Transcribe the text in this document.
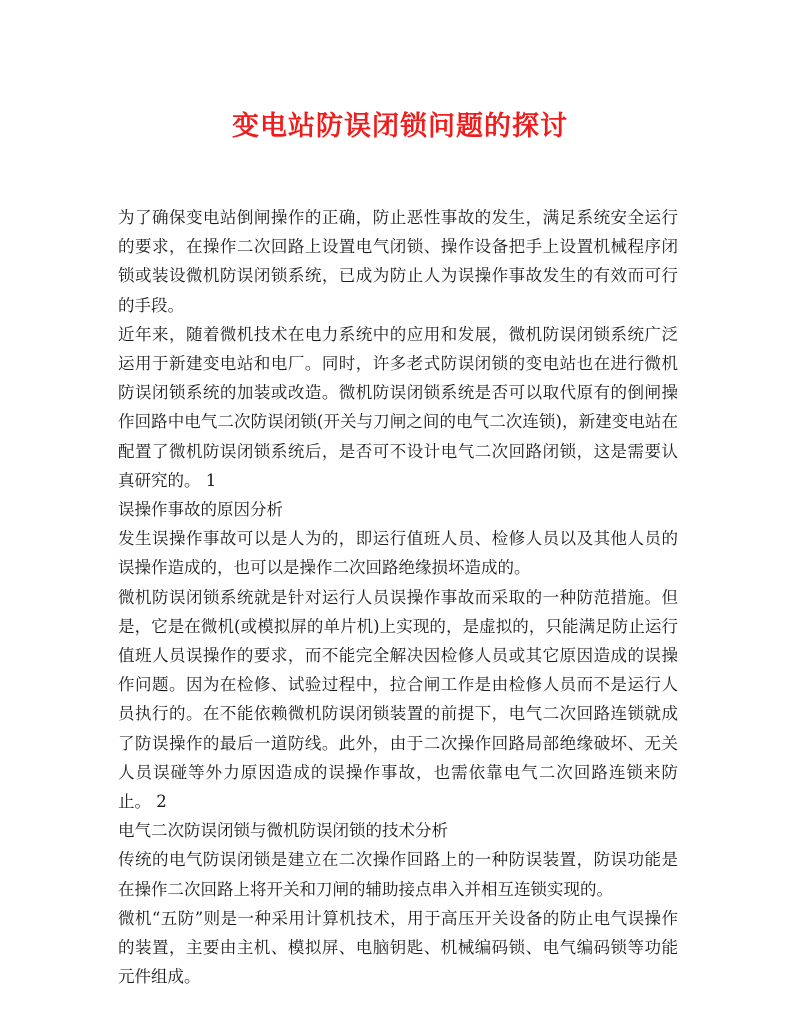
变电站防误闭锁问题的探讨

为了确保变电站倒闸操作的正确，防止恶性事故的发生，满足系统安全运行的要求，在操作二次回路上设置电气闭锁、操作设备把手上设置机械程序闭锁或装设微机防误闭锁系统，已成为防止人为误操作事故发生的有效而可行的手段。

近年来，随着微机技术在电力系统中的应用和发展，微机防误闭锁系统广泛运用于新建变电站和电厂。同时，许多老式防误闭锁的变电站也在进行微机防误闭锁系统的加装或改造。微机防误闭锁系统是否可以取代原有的倒闸操作回路中电气二次防误闭锁(开关与刀闸之间的电气二次连锁)，新建变电站在配置了微机防误闭锁系统后，是否可不设计电气二次回路闭锁，这是需要认真研究的。 1

误操作事故的原因分析

发生误操作事故可以是人为的，即运行值班人员、检修人员以及其他人员的误操作造成的，也可以是操作二次回路绝缘损坏造成的。

微机防误闭锁系统就是针对运行人员误操作事故而采取的一种防范措施。但是，它是在微机(或模拟屏的单片机)上实现的，是虚拟的，只能满足防止运行值班人员误操作的要求，而不能完全解决因检修人员或其它原因造成的误操作问题。因为在检修、试验过程中，拉合闸工作是由检修人员而不是运行人员执行的。在不能依赖微机防误闭锁装置的前提下，电气二次回路连锁就成了防误操作的最后一道防线。此外，由于二次操作回路局部绝缘破坏、无关人员误碰等外力原因造成的误操作事故，也需依靠电气二次回路连锁来防止。 2

电气二次防误闭锁与微机防误闭锁的技术分析

传统的电气防误闭锁是建立在二次操作回路上的一种防误装置，防误功能是在操作二次回路上将开关和刀闸的辅助接点串入并相互连锁实现的。

微机“五防”则是一种采用计算机技术，用于高压开关设备的防止电气误操作的装置，主要由主机、模拟屏、电脑钥匙、机械编码锁、电气编码锁等功能元件组成。
